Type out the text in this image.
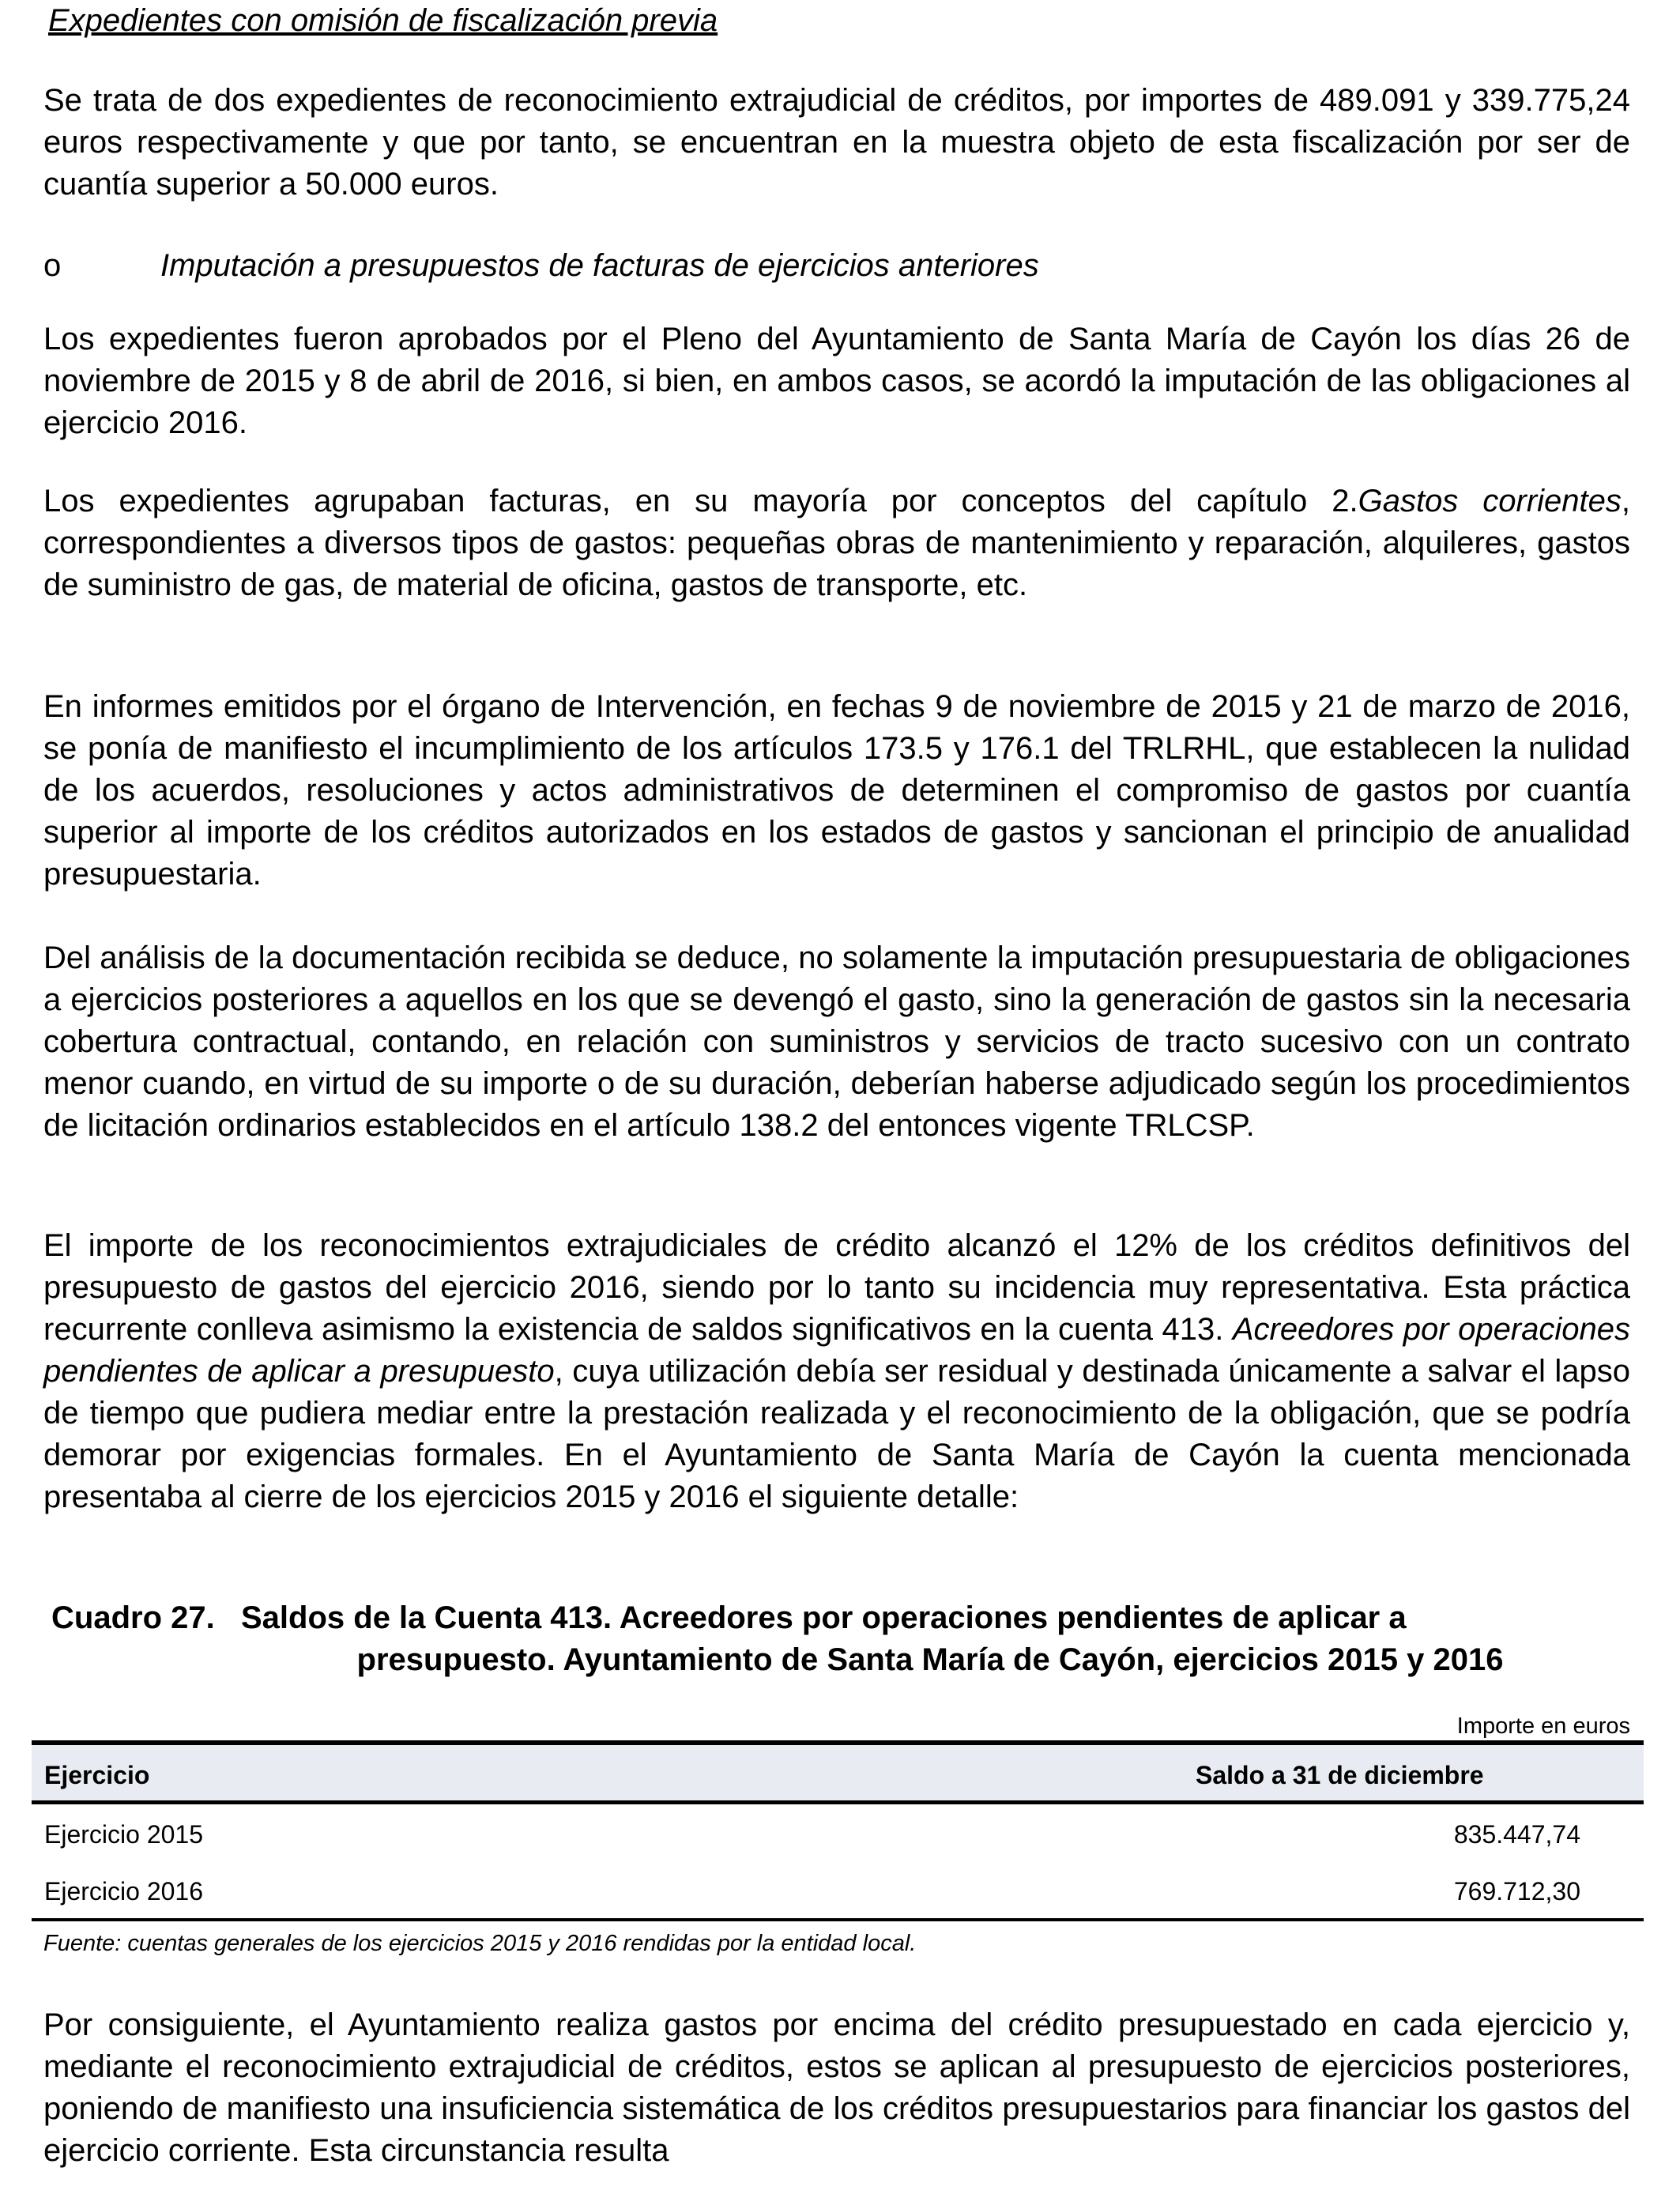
Expedientes con omisión de fiscalización previa

Se trata de dos expedientes de reconocimiento extrajudicial de créditos, por importes de 489.091 y 339.775,24 euros respectivamente y que por tanto, se encuentran en la muestra objeto de esta fiscalización por ser de cuantía superior a 50.000 euros.

o	Imputación a presupuestos de facturas de ejercicios anteriores

Los expedientes fueron aprobados por el Pleno del Ayuntamiento de Santa María de Cayón los días 26 de noviembre de 2015 y 8 de abril de 2016, si bien, en ambos casos, se acordó la imputación de las obligaciones al ejercicio 2016.

Los expedientes agrupaban facturas, en su mayoría por conceptos del capítulo 2.Gastos corrientes, correspondientes a diversos tipos de gastos: pequeñas obras de mantenimiento y reparación, alquileres, gastos de suministro de gas, de material de oficina, gastos de transporte, etc.

En informes emitidos por el órgano de Intervención, en fechas 9 de noviembre de 2015 y 21 de marzo de 2016, se ponía de manifiesto el incumplimiento de los artículos 173.5 y 176.1 del TRLRHL, que establecen la nulidad de los acuerdos, resoluciones y actos administrativos de determinen el compromiso de gastos por cuantía superior al importe de los créditos autorizados en los estados de gastos y sancionan el principio de anualidad presupuestaria.

Del análisis de la documentación recibida se deduce, no solamente la imputación presupuestaria de obligaciones a ejercicios posteriores a aquellos en los que se devengó el gasto, sino la generación de gastos sin la necesaria cobertura contractual, contando, en relación con suministros y servicios de tracto sucesivo con un contrato menor cuando, en virtud de su importe o de su duración, deberían haberse adjudicado según los procedimientos de licitación ordinarios establecidos en el artículo 138.2 del entonces vigente TRLCSP.

El importe de los reconocimientos extrajudiciales de crédito alcanzó el 12% de los créditos definitivos del presupuesto de gastos del ejercicio 2016, siendo por lo tanto su incidencia muy representativa. Esta práctica recurrente conlleva asimismo la existencia de saldos significativos en la cuenta 413. Acreedores por operaciones pendientes de aplicar a presupuesto, cuya utilización debía ser residual y destinada únicamente a salvar el lapso de tiempo que pudiera mediar entre la prestación realizada y el reconocimiento de la obligación, que se podría demorar por exigencias formales. En el Ayuntamiento de Santa María de Cayón la cuenta mencionada presentaba al cierre de los ejercicios 2015 y 2016 el siguiente detalle:

Cuadro 27. Saldos de la Cuenta 413. Acreedores por operaciones pendientes de aplicar a
presupuesto. Ayuntamiento de Santa María de Cayón, ejercicios 2015 y 2016
Importe en euros
Ejercicio	Saldo a 31 de diciembre
Ejercicio 2015	835.447,74
Ejercicio 2016	769.712,30
Fuente: cuentas generales de los ejercicios 2015 y 2016 rendidas por la entidad local.

Por consiguiente, el Ayuntamiento realiza gastos por encima del crédito presupuestado en cada ejercicio y, mediante el reconocimiento extrajudicial de créditos, estos se aplican al presupuesto de ejercicios posteriores, poniendo de manifiesto una insuficiencia sistemática de los créditos presupuestarios para financiar los gastos del ejercicio corriente. Esta circunstancia resulta
